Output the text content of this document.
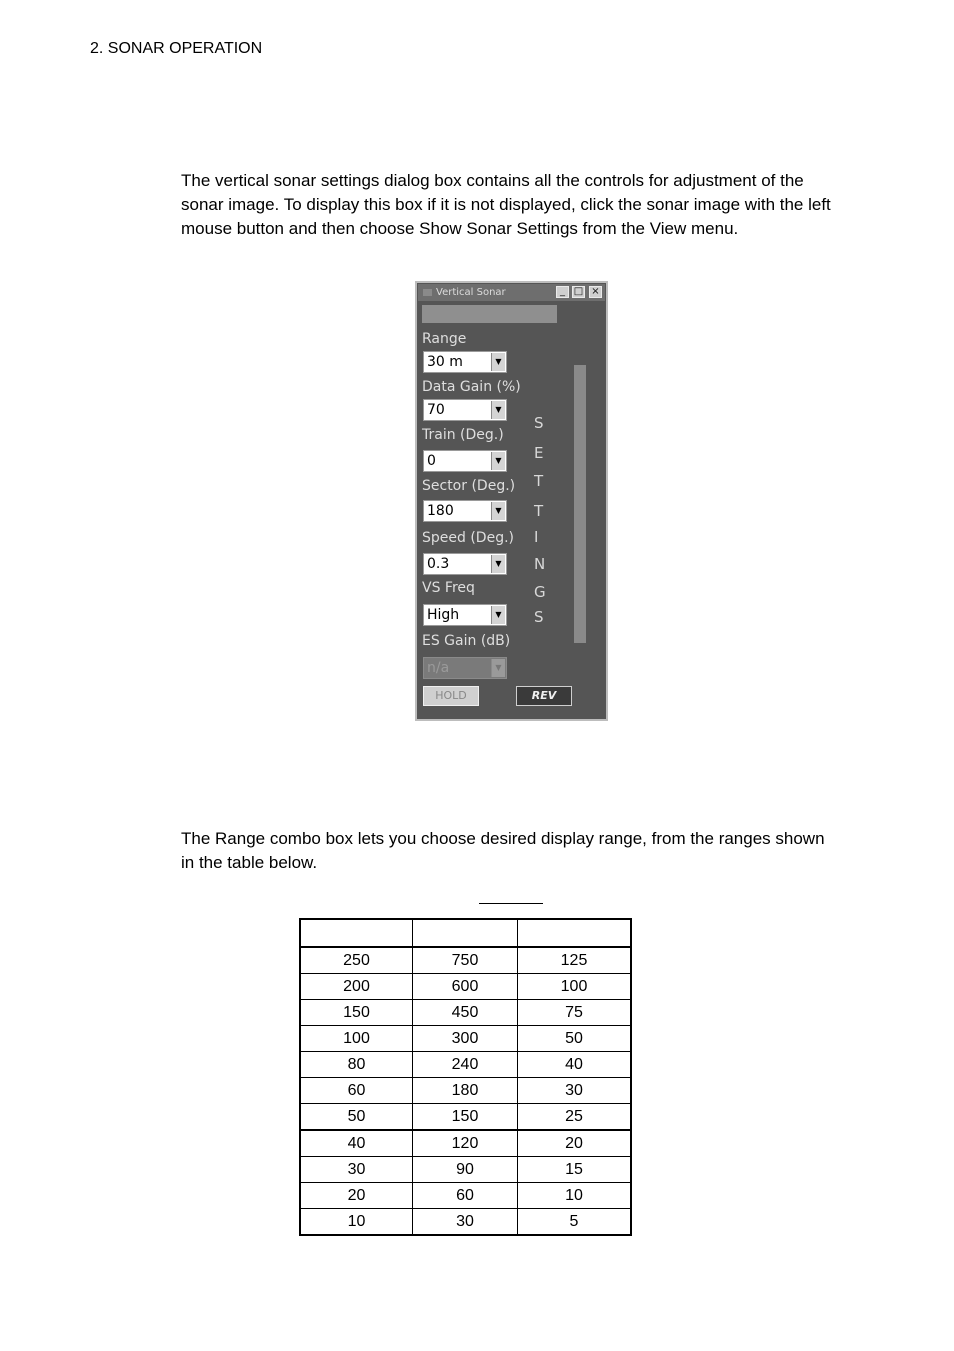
2. SONAR OPERATION
The vertical sonar settings dialog box contains all the controls for adjustment of the sonar image. To display this box if it is not displayed, click the sonar image with the left mouse button and then choose Show Sonar Settings from the View menu.
Vertical Sonar	_ □ ×
Range
30 m	▼
Data Gain (%)
70	▼
Train (Deg.)
0	▼
Sector (Deg.)
180	▼
Speed (Deg.)
0.3	▼
VS Freq
High	▼
ES Gain (dB)
n/a	▼
S
E
T
T
I
N
G
S
HOLD	REV
The Range combo box lets you choose desired display range, from the ranges shown in the table below.

250	750	125
200	600	100
150	450	75
100	300	50
80	240	40
60	180	30
50	150	25
40	120	20
30	90	15
20	60	10
10	30	5
